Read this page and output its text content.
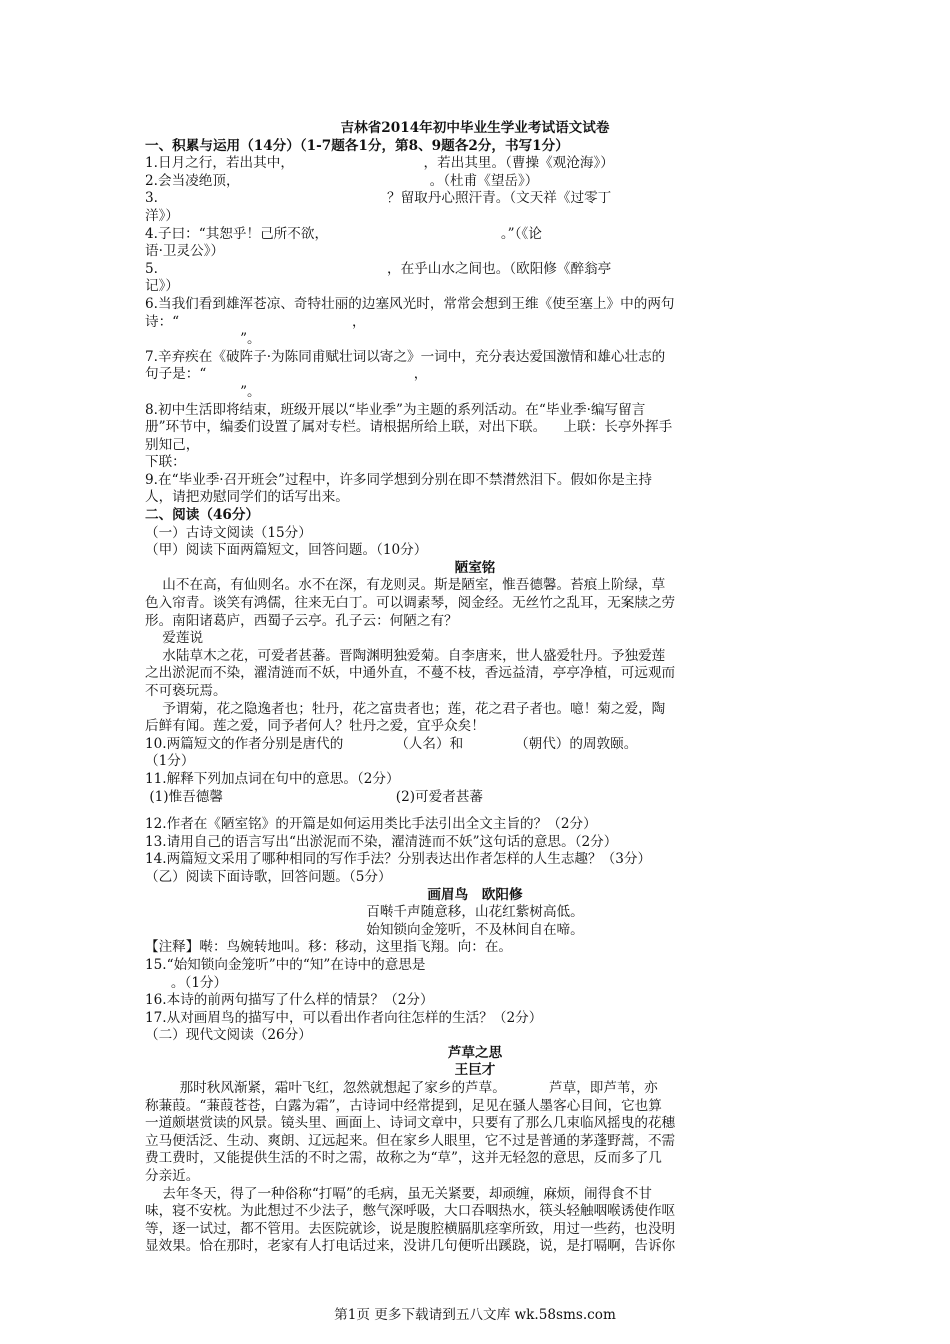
吉林省2014年初中毕业生学业考试语文试卷
一、积累与运用（14分）（1-7题各1分，第8、9题各2分，书写1分）
1.日月之行，若出其中，                              ，若出其里。（曹操《观沧海》）
2.会当凌绝顶，                                            。（杜甫《望岳》）
3.                                                     ？留取丹心照汗青。（文天祥《过零丁
洋》）
4.子曰：“其恕乎！己所不欲，                                        。”（《论
语·卫灵公》）
5.                                                     ，在乎山水之间也。（欧阳修《醉翁亭
记》）
6.当我们看到雄浑苍凉、奇特壮丽的边塞风光时，常常会想到王维《使至塞上》中的两句
诗：“                                        ，
”。
7.辛弃疾在《破阵子·为陈同甫赋壮词以寄之》一词中，充分表达爱国激情和雄心壮志的
句子是：“                                                ，
”。
8.初中生活即将结束，班级开展以“毕业季”为主题的系列活动。在“毕业季·编写留言
册”环节中，编委们设置了属对专栏。请根据所给上联，对出下联。    上联：长亭外挥手
别知己，
下联：
9.在“毕业季·召开班会”过程中，许多同学想到分别在即不禁潸然泪下。假如你是主持
人，请把劝慰同学们的话写出来。
二、阅读（46分）
（一）古诗文阅读（15分）
（甲）阅读下面两篇短文，回答问题。（10分）
陋室铭
山不在高，有仙则名。水不在深，有龙则灵。斯是陋室，惟吾德馨。苔痕上阶绿，草
色入帘青。谈笑有鸿儒，往来无白丁。可以调素琴，阅金经。无丝竹之乱耳，无案牍之劳
形。南阳诸葛庐，西蜀子云亭。孔子云：何陋之有？
爱莲说
水陆草木之花，可爱者甚蕃。晋陶渊明独爱菊。自李唐来，世人盛爱牡丹。予独爱莲
之出淤泥而不染，濯清涟而不妖，中通外直，不蔓不枝，香远益清，亭亭净植，可远观而
不可亵玩焉。
予谓菊，花之隐逸者也；牡丹，花之富贵者也；莲，花之君子者也。噫！菊之爱，陶
后鲜有闻。莲之爱，同予者何人？牡丹之爱，宜乎众矣！
10.两篇短文的作者分别是唐代的            （人名）和            （朝代）的周敦颐。
（1分）
11.解释下列加点词在句中的意思。（2分）
(1)惟吾德馨                                        (2)可爱者甚蕃
12.作者在《陋室铭》的开篇是如何运用类比手法引出全文主旨的？（2分）
13.请用自己的语言写出“出淤泥而不染，濯清涟而不妖”这句话的意思。（2分）
14.两篇短文采用了哪种相同的写作手法？分别表达出作者怎样的人生志趣？（3分）
（乙）阅读下面诗歌，回答问题。（5分）
画眉鸟　欧阳修
百啭千声随意移，山花红紫树高低。
始知锁向金笼听，不及林间自在啼。
【注释】啭：鸟婉转地叫。移：移动，这里指飞翔。向：在。
15.“始知锁向金笼听”中的“知”在诗中的意思是
。（1分）
16.本诗的前两句描写了什么样的情景？（2分）
17.从对画眉鸟的描写中，可以看出作者向往怎样的生活？（2分）
（二）现代文阅读（26分）
芦草之思
王巨才
那时秋风渐紧，霜叶飞红，忽然就想起了家乡的芦草。          芦草，即芦苇，亦
称蒹葭。“蒹葭苍苍，白露为霜”，古诗词中经常提到，足见在骚人墨客心目间，它也算
一道颇堪赏读的风景。镜头里、画面上、诗词文章中，只要有了那么几束临风摇曳的花穗
立马便活泛、生动、爽朗、辽远起来。但在家乡人眼里，它不过是普通的茅蓬野蒿，不需
费工费时，又能提供生活的不时之需，故称之为“草”，这并无轻忽的意思，反而多了几
分亲近。
去年冬天，得了一种俗称“打嗝”的毛病，虽无关紧要，却顽缠，麻烦，闹得食不甘
味，寝不安枕。为此想过不少法子，憋气深呼吸，大口吞咽热水，筷头轻触咽喉诱使作呕
等，逐一试过，都不管用。去医院就诊，说是腹腔横膈肌痉挛所致，用过一些药，也没明
显效果。恰在那时，老家有人打电话过来，没讲几句便听出蹊跷，说，是打嗝啊，告诉你
第1页 更多下载请到五八文库 wk.58sms.com
